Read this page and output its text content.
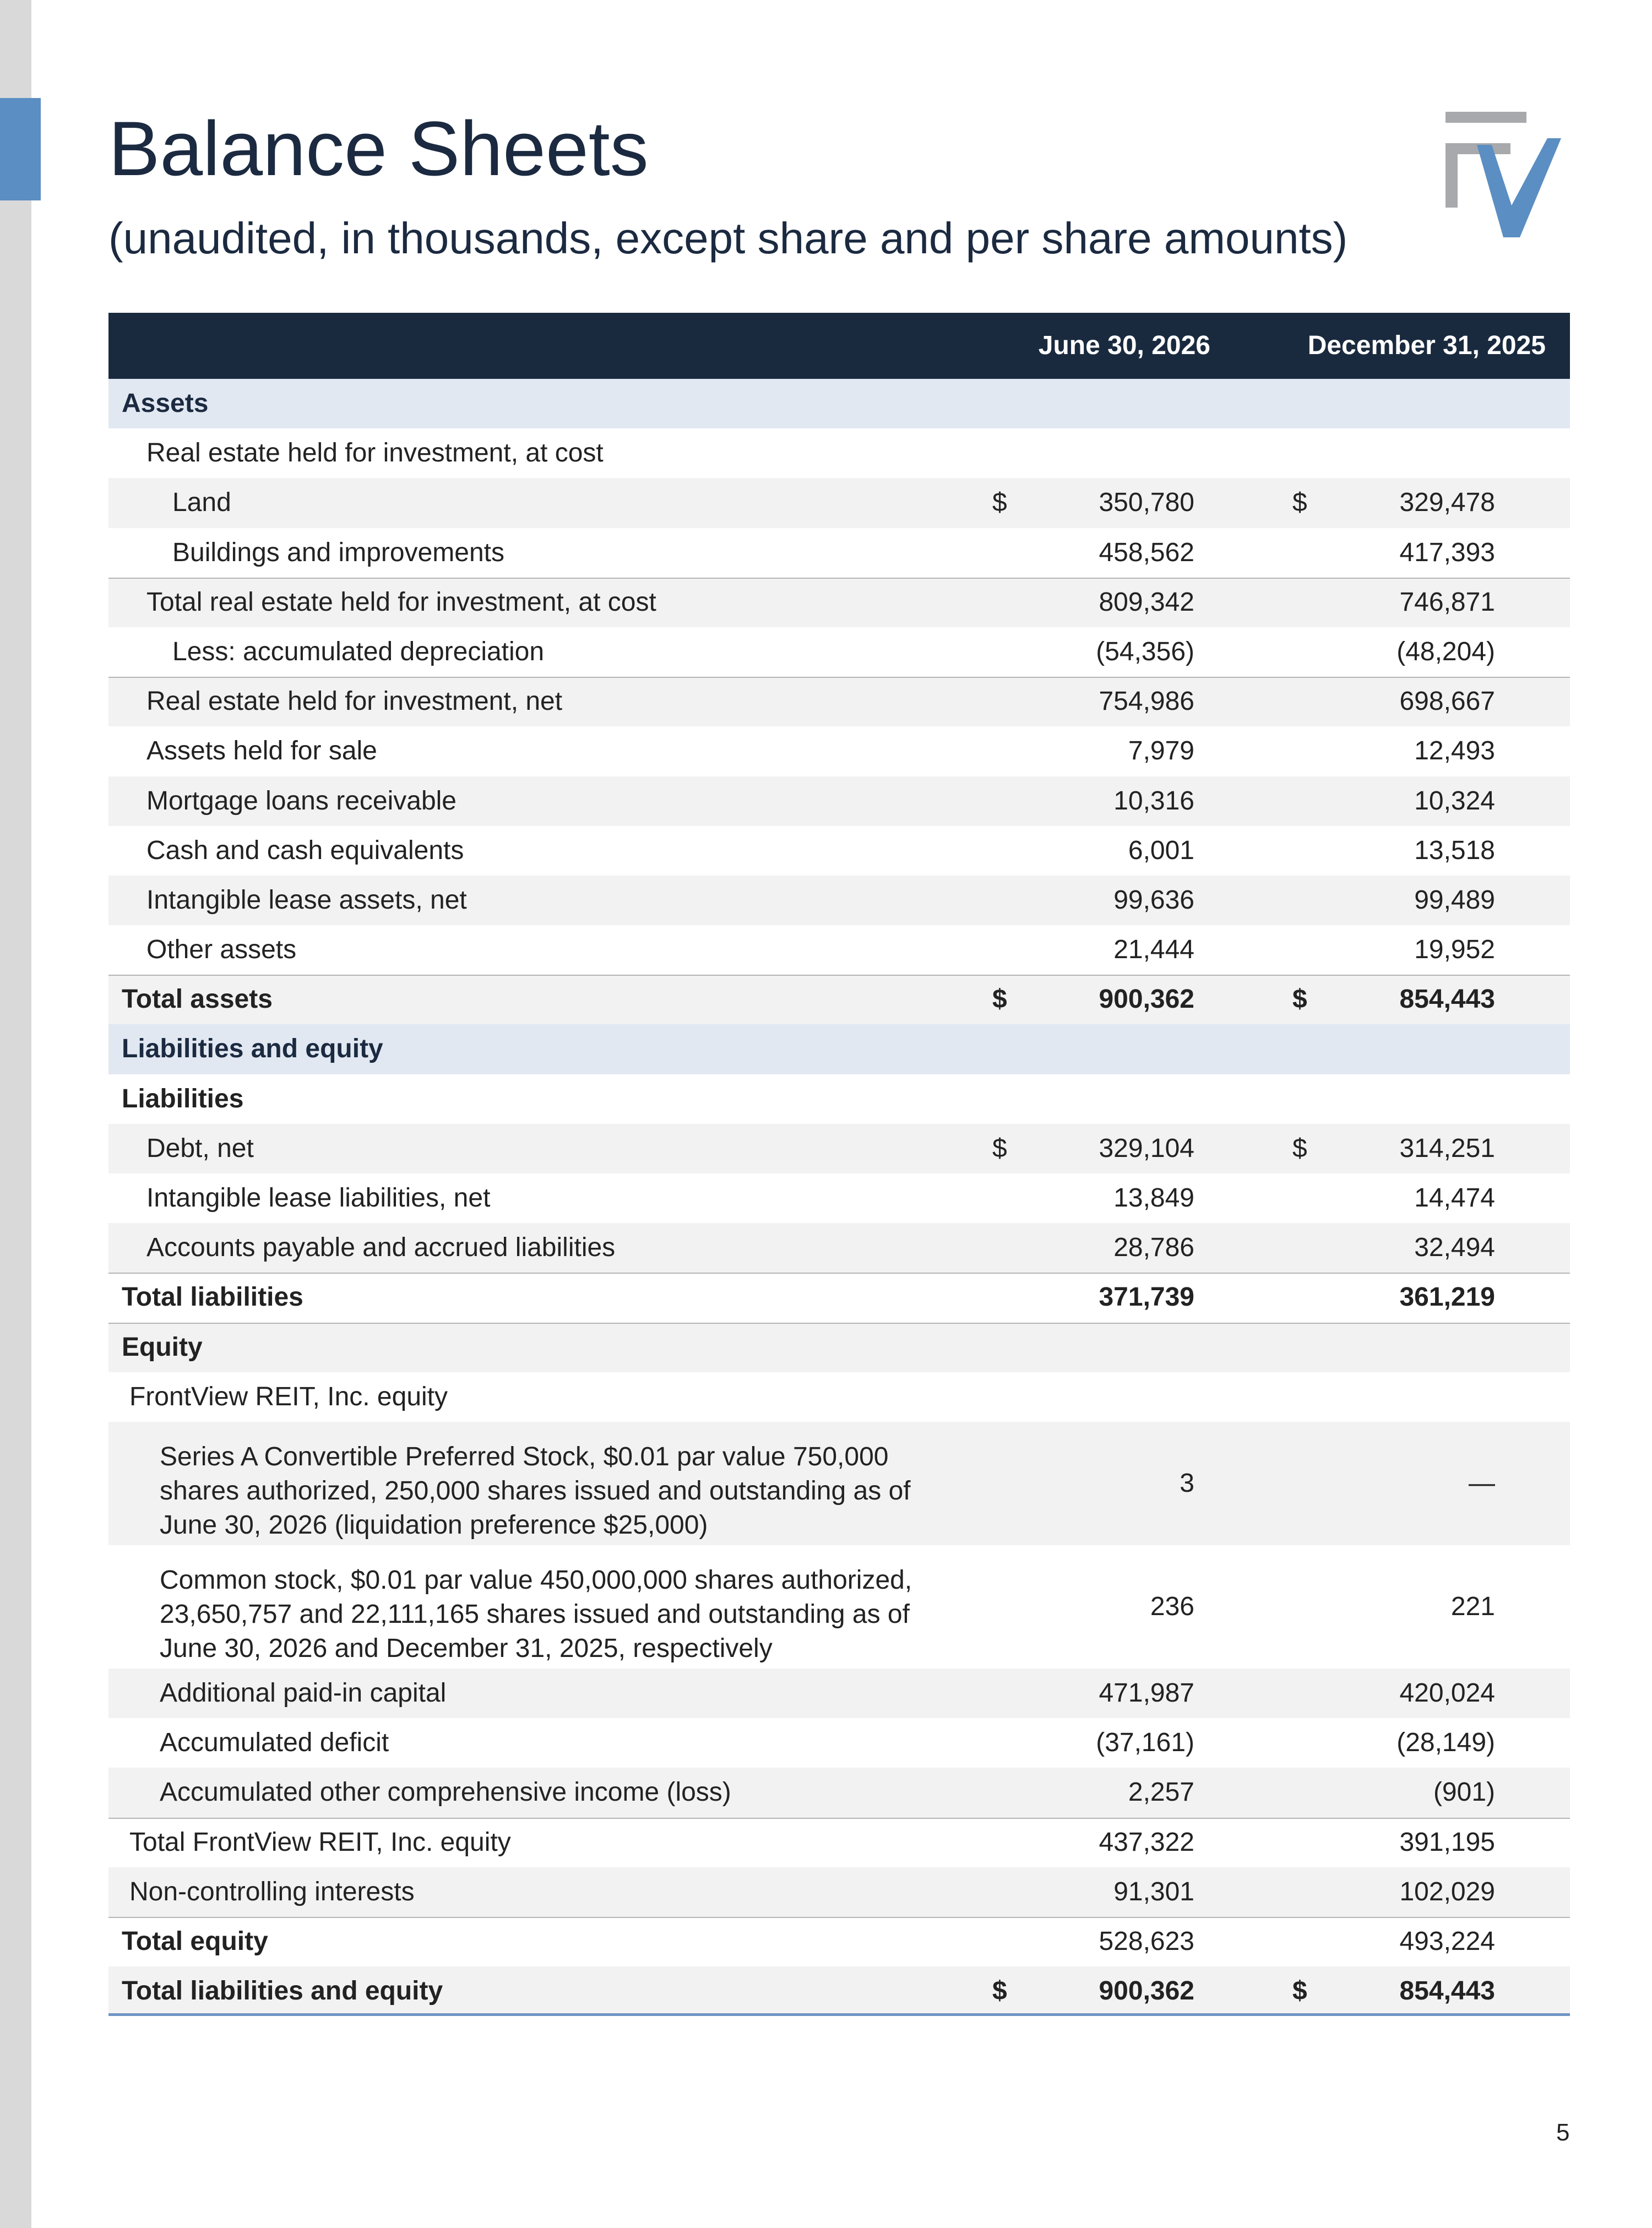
Balance Sheets
(unaudited, in thousands, except share and per share amounts)
June 30, 2026	December 31, 2025
Assets
Real estate held for investment, at cost
Land	$	350,780	$	329,478
Buildings and improvements	458,562	417,393
Total real estate held for investment, at cost	809,342	746,871
Less: accumulated depreciation	(54,356)	(48,204)
Real estate held for investment, net	754,986	698,667
Assets held for sale	7,979	12,493
Mortgage loans receivable	10,316	10,324
Cash and cash equivalents	6,001	13,518
Intangible lease assets, net	99,636	99,489
Other assets	21,444	19,952
Total assets	$	900,362	$	854,443
Liabilities and equity
Liabilities
Debt, net	$	329,104	$	314,251
Intangible lease liabilities, net	13,849	14,474
Accounts payable and accrued liabilities	28,786	32,494
Total liabilities	371,739	361,219
Equity
FrontView REIT, Inc. equity
Series A Convertible Preferred Stock, $0.01 par value 750,000
shares authorized, 250,000 shares issued and outstanding as of
June 30, 2026 (liquidation preference $25,000)
3	—
Common stock, $0.01 par value 450,000,000 shares authorized,
23,650,757 and 22,111,165 shares issued and outstanding as of
June 30, 2026 and December 31, 2025, respectively
236	221
Additional paid-in capital	471,987	420,024
Accumulated deficit	(37,161)	(28,149)
Accumulated other comprehensive income (loss)	2,257	(901)
Total FrontView REIT, Inc. equity	437,322	391,195
Non-controlling interests	91,301	102,029
Total equity	528,623	493,224
Total liabilities and equity	$	900,362	$	854,443
5
